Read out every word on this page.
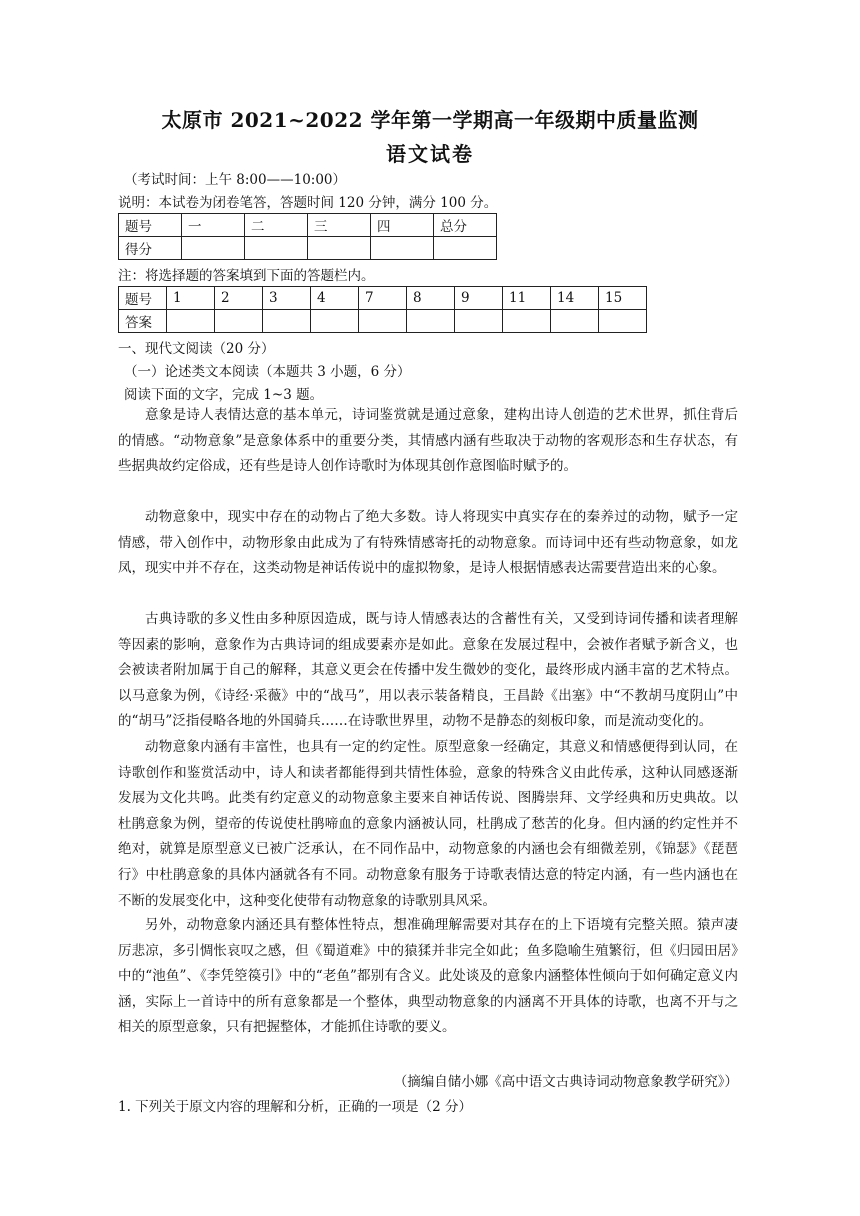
太原市 2021~2022 学年第一学期高一年级期中质量监测
语文试卷
（考试时间：上午 8:00——10:00）
说明：本试卷为闭卷笔答，答题时间 120 分钟，满分 100 分。
题号	一	二	三	四	总分
得分					
注：将选择题的答案填到下面的答题栏内。
题号	1	2	3	4	7	8	9	11	14	15
答案										
一、现代文阅读（20 分）
（一）论述类文本阅读（本题共 3 小题，6 分）
阅读下面的文字，完成 1~3 题。

意象是诗人表情达意的基本单元，诗词鉴赏就是通过意象，建构出诗人创造的艺术世界，抓住背后的情感。“动物意象”是意象体系中的重要分类，其情感内涵有些取决于动物的客观形态和生存状态，有些据典故约定俗成，还有些是诗人创作诗歌时为体现其创作意图临时赋予的。

动物意象中，现实中存在的动物占了绝大多数。诗人将现实中真实存在的秦养过的动物，赋予一定情感，带入创作中，动物形象由此成为了有特殊情感寄托的动物意象。而诗词中还有些动物意象，如龙凤，现实中并不存在，这类动物是神话传说中的虚拟物象，是诗人根据情感表达需要营造出来的心象。

古典诗歌的多义性由多种原因造成，既与诗人情感表达的含蓄性有关，又受到诗词传播和读者理解等因素的影响，意象作为古典诗词的组成要素亦是如此。意象在发展过程中，会被作者赋予新含义，也会被读者附加属于自己的解释，其意义更会在传播中发生微妙的变化，最终形成内涵丰富的艺术特点。以马意象为例，《诗经·采薇》中的“战马”，用以表示装备精良，王昌龄《出塞》中“不教胡马度阴山”中的“胡马”泛指侵略各地的外国骑兵……在诗歌世界里，动物不是静态的刻板印象，而是流动变化的。

动物意象内涵有丰富性，也具有一定的约定性。原型意象一经确定，其意义和情感便得到认同，在诗歌创作和鉴赏活动中，诗人和读者都能得到共情性体验，意象的特殊含义由此传承，这种认同感逐渐发展为文化共鸣。此类有约定意义的动物意象主要来自神话传说、图腾崇拜、文学经典和历史典故。以杜鹃意象为例，望帝的传说使杜鹃啼血的意象内涵被认同，杜鹃成了愁苦的化身。但内涵的约定性并不绝对，就算是原型意义已被广泛承认，在不同作品中，动物意象的内涵也会有细微差别，《锦瑟》《琵琶行》中杜鹃意象的具体内涵就各有不同。动物意象有服务于诗歌表情达意的特定内涵，有一些内涵也在不断的发展变化中，这种变化使带有动物意象的诗歌别具风采。

另外，动物意象内涵还具有整体性特点，想准确理解需要对其存在的上下语境有完整关照。猿声凄厉悲凉，多引惆怅哀叹之感，但《蜀道难》中的猿猱并非完全如此；鱼多隐喻生殖繁衍，但《归园田居》中的“池鱼”、《李凭箜篌引》中的“老鱼”都别有含义。此处谈及的意象内涵整体性倾向于如何确定意义内涵，实际上一首诗中的所有意象都是一个整体，典型动物意象的内涵离不开具体的诗歌，也离不开与之相关的原型意象，只有把握整体，才能抓住诗歌的要义。

（摘编自储小娜《高中语文古典诗词动物意象教学研究》）
1. 下列关于原文内容的理解和分析，正确的一项是（2 分）
